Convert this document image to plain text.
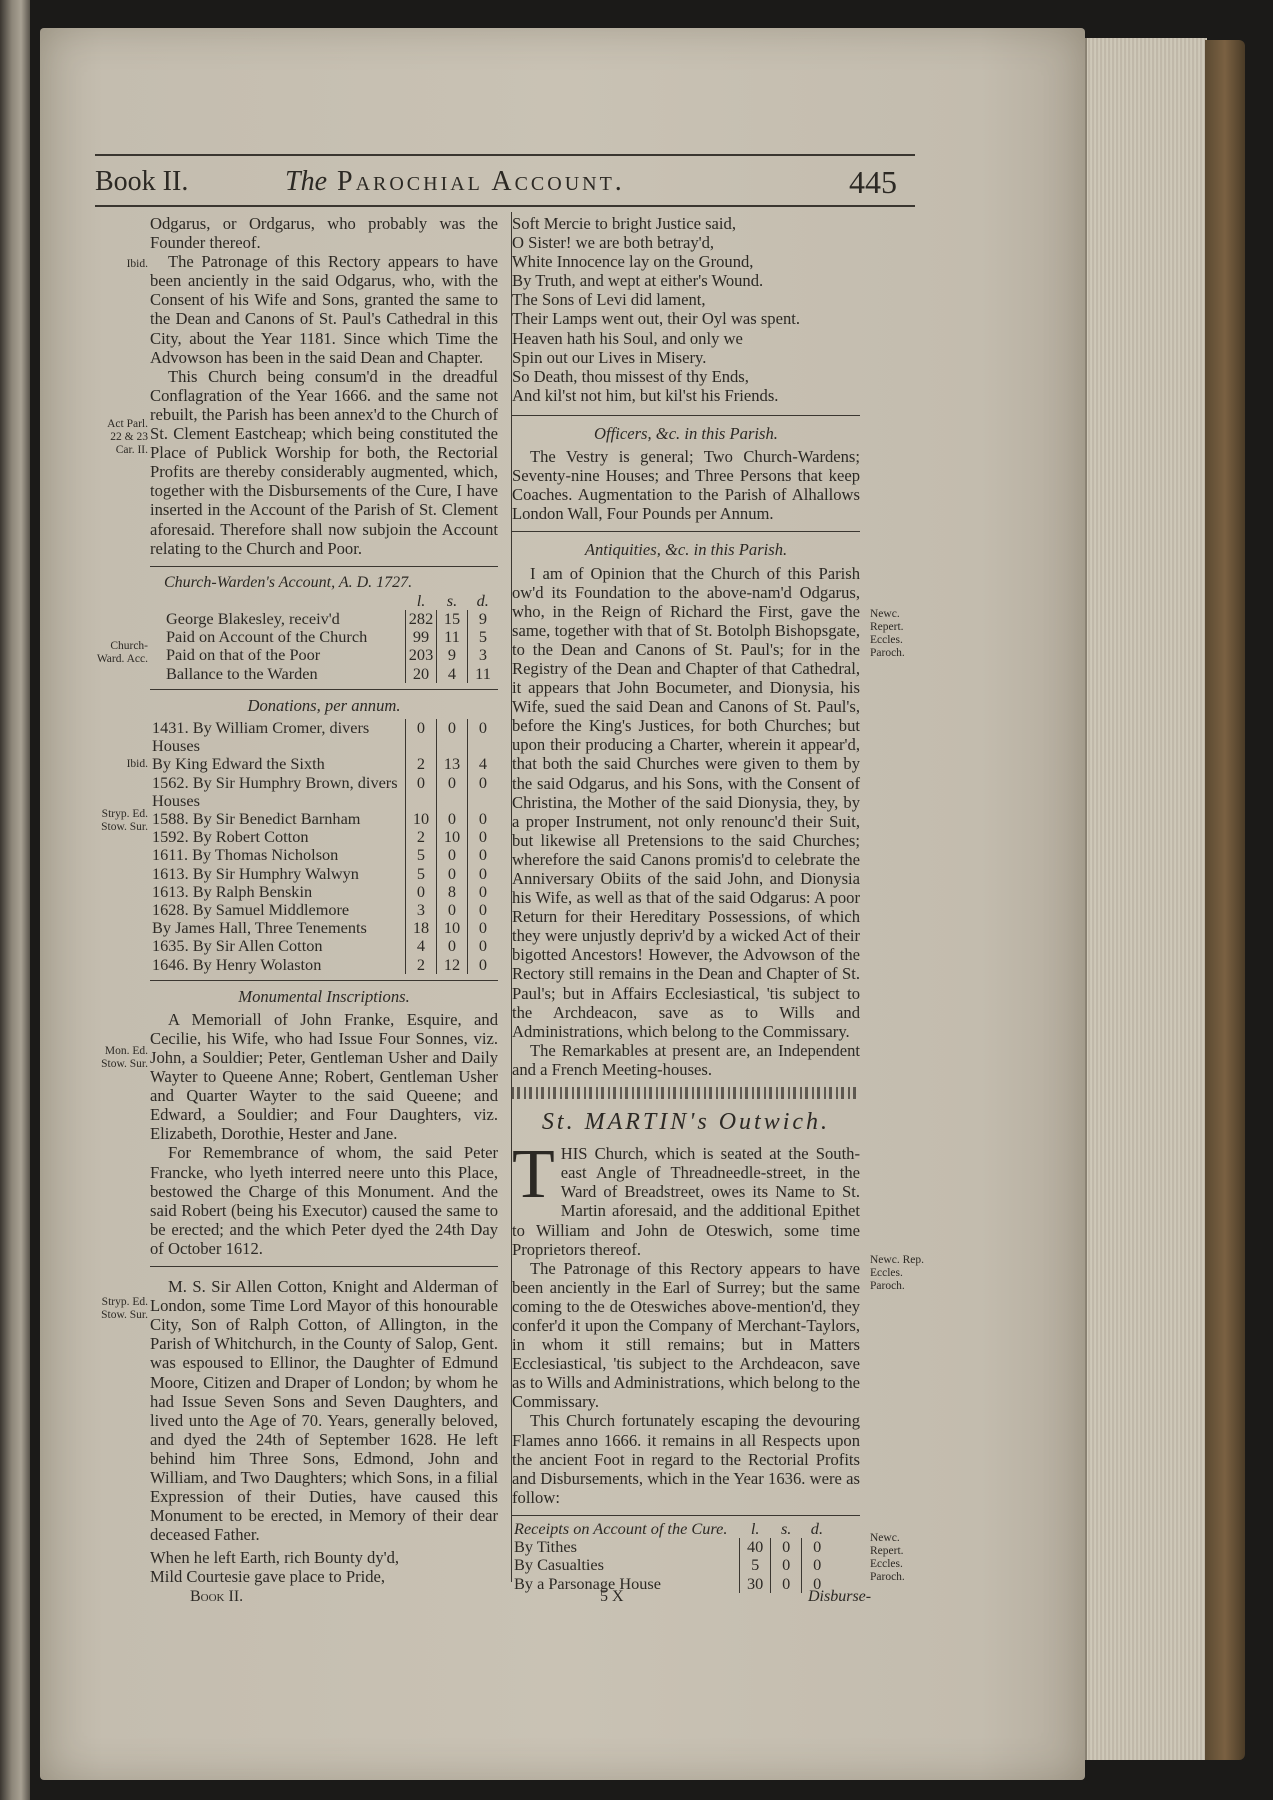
Book II.	The Parochial Account.	445
Ibid.
Act Parl. 22 & 23 Car. II.
Church-Ward. Acc.
Ibid.
Stryp. Ed. Stow. Sur.
Mon. Ed. Stow. Sur.
Stryp. Ed. Stow. Sur.
Newc. Repert. Eccles. Paroch.
Newc. Rep. Eccles. Paroch.
Newc. Repert. Eccles. Paroch.

Odgarus, or Ordgarus, who probably was the Founder thereof.

The Patronage of this Rectory appears to have been anciently in the said Odgarus, who, with the Consent of his Wife and Sons, granted the same to the Dean and Canons of St. Paul's Cathedral in this City, about the Year 1181. Since which Time the Advowson has been in the said Dean and Chapter.

This Church being consum'd in the dreadful Conflagration of the Year 1666. and the same not rebuilt, the Parish has been annex'd to the Church of St. Clement Eastcheap; which being constituted the Place of Publick Worship for both, the Rectorial Profits are thereby considerably augmented, which, together with the Disbursements of the Cure, I have inserted in the Account of the Parish of St. Clement aforesaid. Therefore shall now subjoin the Account relating to the Church and Poor.

Church-Warden's Account, A. D. 1727.
	l.	s.	d.
George Blakesley, receiv'd	282	15	9
Paid on Account of the Church	99	11	5
Paid on that of the Poor	203	9	3
Ballance to the Warden	20	4	11
Donations, per annum.
1431. By William Cromer, divers Houses	0	0	0
By King Edward the Sixth	2	13	4
1562. By Sir Humphry Brown, divers Houses	0	0	0
1588. By Sir Benedict Barnham	10	0	0
1592. By Robert Cotton	2	10	0
1611. By Thomas Nicholson	5	0	0
1613. By Sir Humphry Walwyn	5	0	0
1613. By Ralph Benskin	0	8	0
1628. By Samuel Middlemore	3	0	0
By James Hall, Three Tenements	18	10	0
1635. By Sir Allen Cotton	4	0	0
1646. By Henry Wolaston	2	12	0
Monumental Inscriptions.

A Memoriall of John Franke, Esquire, and Cecilie, his Wife, who had Issue Four Sonnes, viz. John, a Souldier; Peter, Gentleman Usher and Daily Wayter to Queene Anne; Robert, Gentleman Usher and Quarter Wayter to the said Queene; and Edward, a Souldier; and Four Daughters, viz. Elizabeth, Dorothie, Hester and Jane.

For Remembrance of whom, the said Peter Francke, who lyeth interred neere unto this Place, bestowed the Charge of this Monument. And the said Robert (being his Executor) caused the same to be erected; and the which Peter dyed the 24th Day of October 1612.

M. S. Sir Allen Cotton, Knight and Alderman of London, some Time Lord Mayor of this honourable City, Son of Ralph Cotton, of Allington, in the Parish of Whitchurch, in the County of Salop, Gent. was espoused to Ellinor, the Daughter of Edmund Moore, Citizen and Draper of London; by whom he had Issue Seven Sons and Seven Daughters, and lived unto the Age of 70. Years, generally beloved, and dyed the 24th of September 1628. He left behind him Three Sons, Edmond, John and William, and Two Daughters; which Sons, in a filial Expression of their Duties, have caused this Monument to be erected, in Memory of their dear deceased Father.

When he left Earth, rich Bounty dy'd,

Mild Courtesie gave place to Pride,

Soft Mercie to bright Justice said,

O Sister! we are both betray'd,

White Innocence lay on the Ground,

By Truth, and wept at either's Wound.

The Sons of Levi did lament,

Their Lamps went out, their Oyl was spent.

Heaven hath his Soul, and only we

Spin out our Lives in Misery.

So Death, thou missest of thy Ends,

And kil'st not him, but kil'st his Friends.

Officers, &c. in this Parish.

The Vestry is general; Two Church-Wardens; Seventy-nine Houses; and Three Persons that keep Coaches. Augmentation to the Parish of Alhallows London Wall, Four Pounds per Annum.

Antiquities, &c. in this Parish.

I am of Opinion that the Church of this Parish ow'd its Foundation to the above-nam'd Odgarus, who, in the Reign of Richard the First, gave the same, together with that of St. Botolph Bishopsgate, to the Dean and Canons of St. Paul's; for in the Registry of the Dean and Chapter of that Cathedral, it appears that John Bocumeter, and Dionysia, his Wife, sued the said Dean and Canons of St. Paul's, before the King's Justices, for both Churches; but upon their producing a Charter, wherein it appear'd, that both the said Churches were given to them by the said Odgarus, and his Sons, with the Consent of Christina, the Mother of the said Dionysia, they, by a proper Instrument, not only renounc'd their Suit, but likewise all Pretensions to the said Churches; wherefore the said Canons promis'd to celebrate the Anniversary Obiits of the said John, and Dionysia his Wife, as well as that of the said Odgarus: A poor Return for their Hereditary Possessions, of which they were unjustly depriv'd by a wicked Act of their bigotted Ancestors! However, the Advowson of the Rectory still remains in the Dean and Chapter of St. Paul's; but in Affairs Ecclesiastical, 'tis subject to the Archdeacon, save as to Wills and Administrations, which belong to the Commissary.

The Remarkables at present are, an Independent and a French Meeting-houses.

St. MARTIN's Outwich.

T HIS Church, which is seated at the South-east Angle of Threadneedle-street, in the Ward of Breadstreet, owes its Name to St. Martin aforesaid, and the additional Epithet to William and John de Oteswich, some time Proprietors thereof.

The Patronage of this Rectory appears to have been anciently in the Earl of Surrey; but the same coming to the de Oteswiches above-mention'd, they confer'd it upon the Company of Merchant-Taylors, in whom it still remains; but in Matters Ecclesiastical, 'tis subject to the Archdeacon, save as to Wills and Administrations, which belong to the Commissary.

This Church fortunately escaping the devouring Flames anno 1666. it remains in all Respects upon the ancient Foot in regard to the Rectorial Profits and Disbursements, which in the Year 1636. were as follow:

Receipts on Account of the Cure.	l.	s.	d.
By Tithes	40	0	0
By Casualties	5	0	0
By a Parsonage House	30	0	0
Book II.	5 X	Disburse-
